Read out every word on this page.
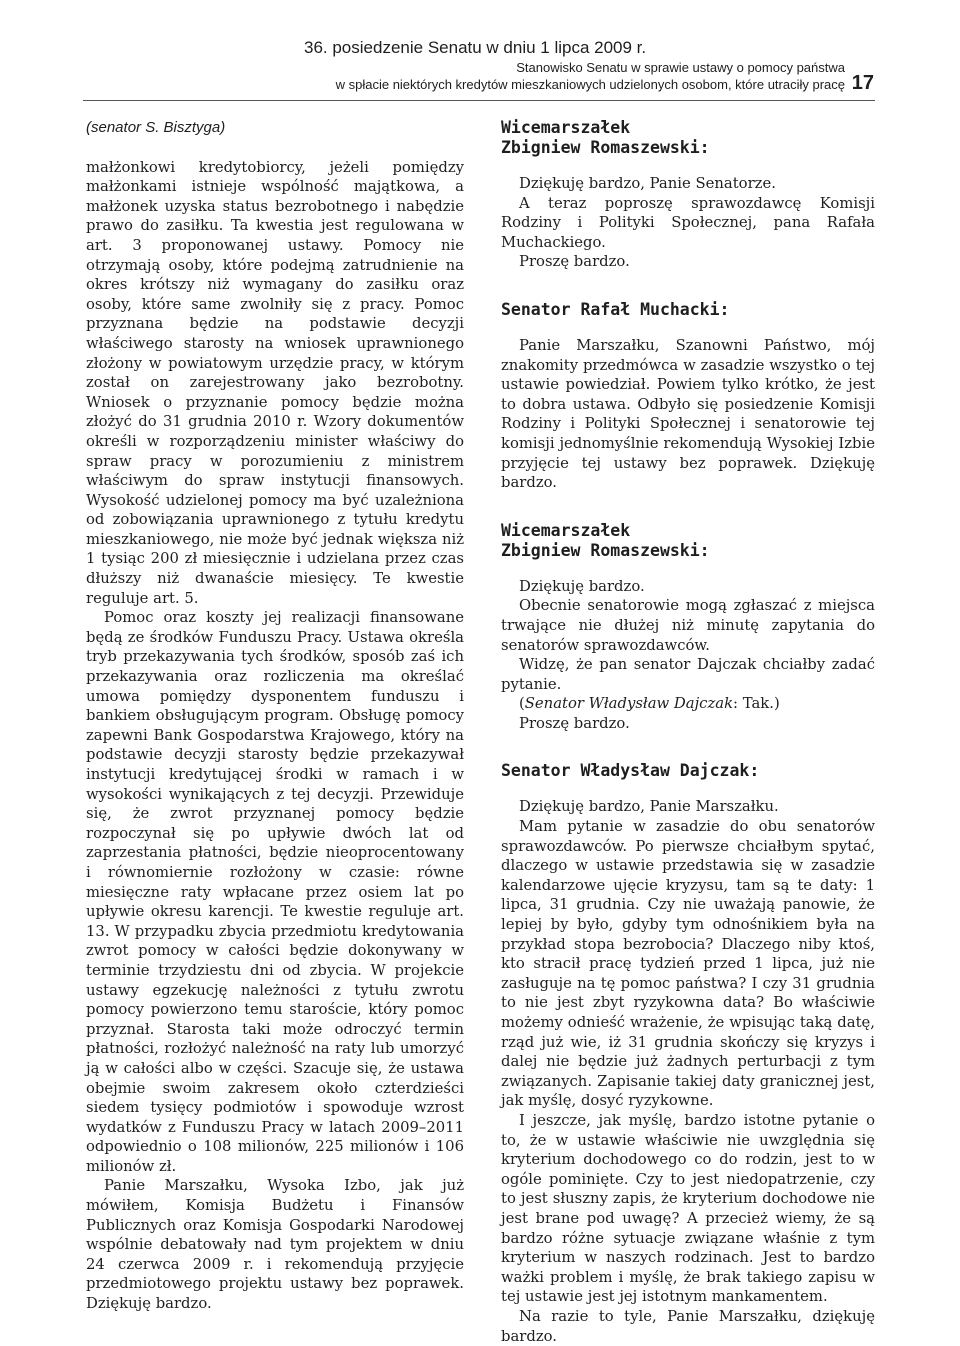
36. posiedzenie Senatu w dniu 1 lipca 2009 r.
Stanowisko Senatu w sprawie ustawy o pomocy państwa
w spłacie niektórych kredytów mieszkaniowych udzielonych osobom, które utraciły pracę 17

(senator S. Bisztyga)

małżonkowi kredytobiorcy, jeżeli pomiędzy małżonkami istnieje wspólność majątkowa, a małżonek uzyska status bezrobotnego i nabędzie prawo do zasiłku. Ta kwestia jest regulowana w art. 3 proponowanej ustawy. Pomocy nie otrzymają osoby, które podejmą zatrudnienie na okres krótszy niż wymagany do zasiłku oraz osoby, które same zwolniły się z pracy. Pomoc przyznana będzie na podstawie decyzji właściwego starosty na wniosek uprawnionego złożony w powiatowym urzędzie pracy, w którym został on zarejestrowany jako bezrobotny. Wniosek o przyznanie pomocy będzie można złożyć do 31 grudnia 2010 r. Wzory dokumentów określi w rozporządzeniu minister właściwy do spraw pracy w porozumieniu z ministrem właściwym do spraw instytucji finansowych. Wysokość udzielonej pomocy ma być uzależniona od zobowiązania uprawnionego z tytułu kredytu mieszkaniowego, nie może być jednak większa niż 1 tysiąc 200 zł miesięcznie i udzielana przez czas dłuższy niż dwanaście miesięcy. Te kwestie reguluje art. 5.

Pomoc oraz koszty jej realizacji finansowane będą ze środków Funduszu Pracy. Ustawa określa tryb przekazywania tych środków, sposób zaś ich przekazywania oraz rozliczenia ma określać umowa pomiędzy dysponentem funduszu i bankiem obsługującym program. Obsługę pomocy zapewni Bank Gospodarstwa Krajowego, który na podstawie decyzji starosty będzie przekazywał instytucji kredytującej środki w ramach i w wysokości wynikających z tej decyzji. Przewiduje się, że zwrot przyznanej pomocy będzie rozpoczynał się po upływie dwóch lat od zaprzestania płatności, będzie nieoprocentowany i równomiernie rozłożony w czasie: równe miesięczne raty wpłacane przez osiem lat po upływie okresu karencji. Te kwestie reguluje art. 13. W przypadku zbycia przedmiotu kredytowania zwrot pomocy w całości będzie dokonywany w terminie trzydziestu dni od zbycia. W projekcie ustawy egzekucję należności z tytułu zwrotu pomocy powierzono temu staroście, który pomoc przyznał. Starosta taki może odroczyć termin płatności, rozłożyć należność na raty lub umorzyć ją w całości albo w części. Szacuje się, że ustawa obejmie swoim zakresem około czterdzieści siedem tysięcy podmiotów i spowoduje wzrost wydatków z Funduszu Pracy w latach 2009–2011 odpowiednio o 108 milionów, 225 milionów i 106 milionów zł.

Panie Marszałku, Wysoka Izbo, jak już mówiłem, Komisja Budżetu i Finansów Publicznych oraz Komisja Gospodarki Narodowej wspólnie debatowały nad tym projektem w dniu 24 czerwca 2009 r. i rekomendują przyjęcie przedmiotowego projektu ustawy bez poprawek. Dziękuję bardzo.

Wicemarszałek
Zbigniew Romaszewski:

Dziękuję bardzo, Panie Senatorze.

A teraz poproszę sprawozdawcę Komisji Rodziny i Polityki Społecznej, pana Rafała Muchackiego.

Proszę bardzo.

Senator Rafał Muchacki:

Panie Marszałku, Szanowni Państwo, mój znakomity przedmówca w zasadzie wszystko o tej ustawie powiedział. Powiem tylko krótko, że jest to dobra ustawa. Odbyło się posiedzenie Komisji Rodziny i Polityki Społecznej i senatorowie tej komisji jednomyślnie rekomendują Wysokiej Izbie przyjęcie tej ustawy bez poprawek. Dziękuję bardzo.

Wicemarszałek
Zbigniew Romaszewski:

Dziękuję bardzo.

Obecnie senatorowie mogą zgłaszać z miejsca trwające nie dłużej niż minutę zapytania do senatorów sprawozdawców.

Widzę, że pan senator Dajczak chciałby zadać pytanie.

(Senator Władysław Dajczak: Tak.)

Proszę bardzo.

Senator Władysław Dajczak:

Dziękuję bardzo, Panie Marszałku.

Mam pytanie w zasadzie do obu senatorów sprawozdawców. Po pierwsze chciałbym spytać, dlaczego w ustawie przedstawia się w zasadzie kalendarzowe ujęcie kryzysu, tam są te daty: 1 lipca, 31 grudnia. Czy nie uważają panowie, że lepiej by było, gdyby tym odnośnikiem była na przykład stopa bezrobocia? Dlaczego niby ktoś, kto stracił pracę tydzień przed 1 lipca, już nie zasługuje na tę pomoc państwa? I czy 31 grudnia to nie jest zbyt ryzykowna data? Bo właściwie możemy odnieść wrażenie, że wpisując taką datę, rząd już wie, iż 31 grudnia skończy się kryzys i dalej nie będzie już żadnych perturbacji z tym związanych. Zapisanie takiej daty granicznej jest, jak myślę, dosyć ryzykowne.

I jeszcze, jak myślę, bardzo istotne pytanie o to, że w ustawie właściwie nie uwzględnia się kryterium dochodowego co do rodzin, jest to w ogóle pominięte. Czy to jest niedopatrzenie, czy to jest słuszny zapis, że kryterium dochodowe nie jest brane pod uwagę? A przecież wiemy, że są bardzo różne sytuacje związane właśnie z tym kryterium w naszych rodzinach. Jest to bardzo ważki problem i myślę, że brak takiego zapisu w tej ustawie jest jej istotnym mankamentem.

Na razie to tyle, Panie Marszałku, dziękuję bardzo.
